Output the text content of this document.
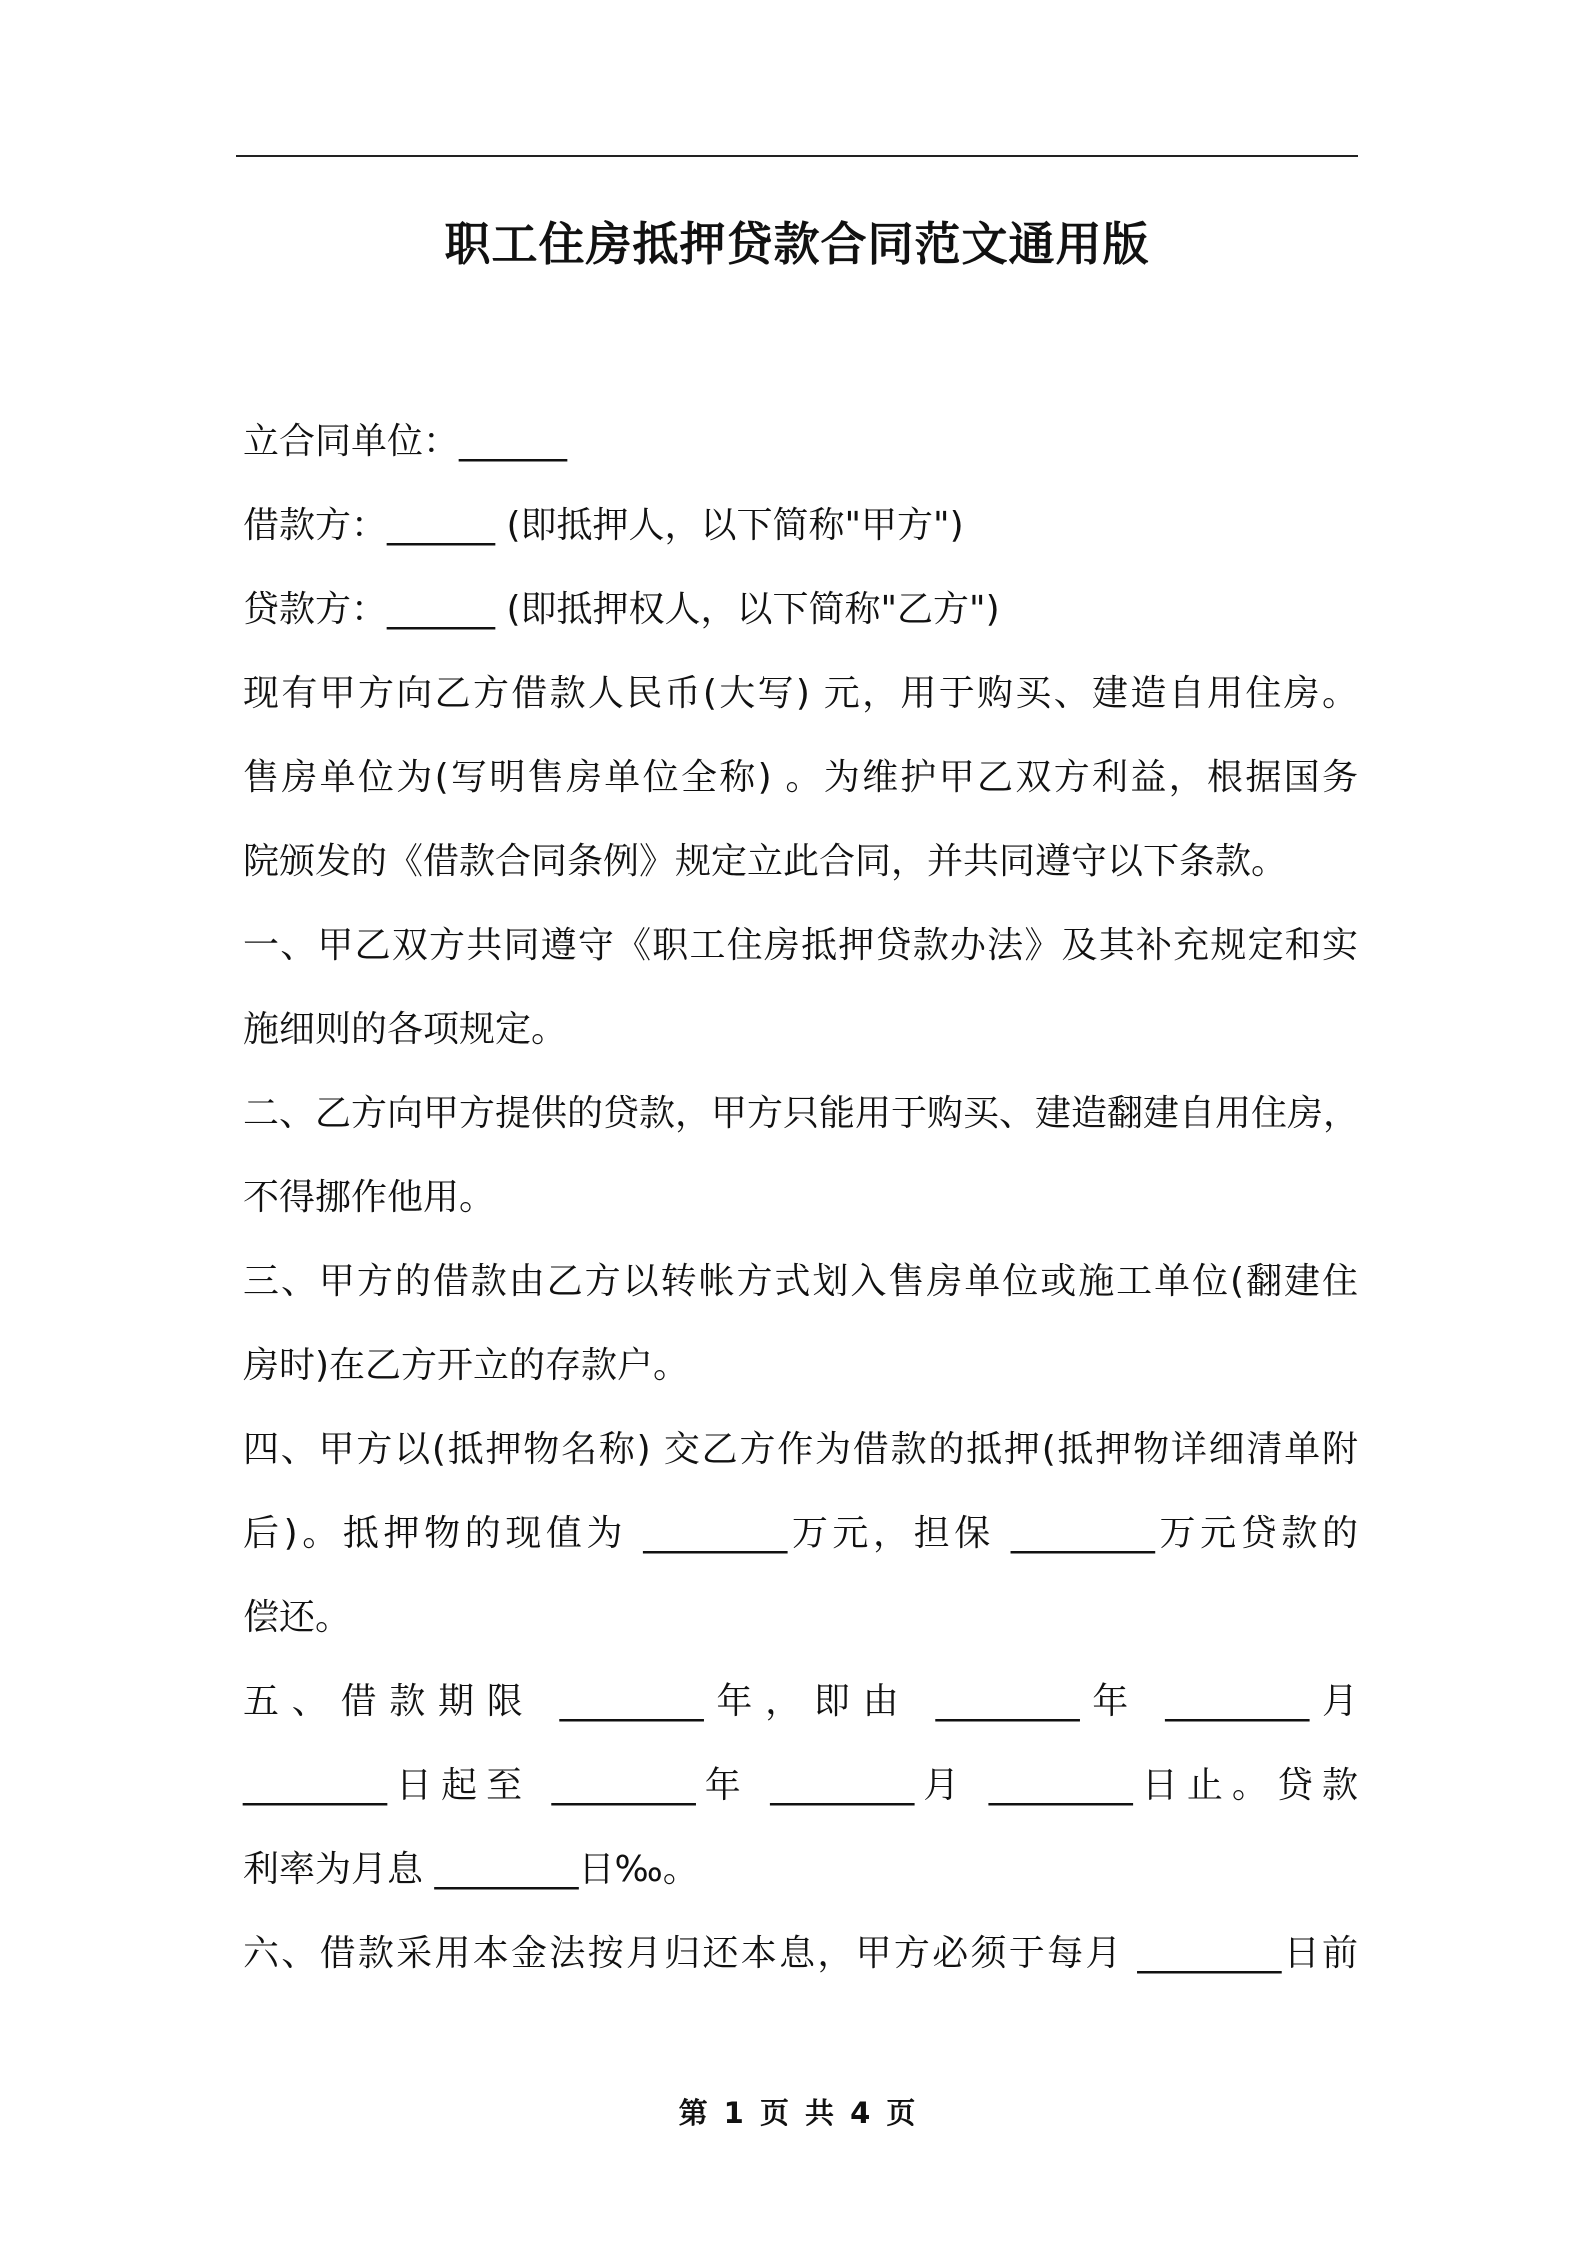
职工住房抵押贷款合同范文通用版
立合同单位：______
借款方：______ (即抵押人，以下简称"甲方")
贷款方：______ (即抵押权人，以下简称"乙方")
现有甲方向乙方借款人民币(大写) 元，用于购买、建造自用住房。
售房单位为(写明售房单位全称) 。为维护甲乙双方利益，根据国务
院颁发的《借款合同条例》规定立此合同，并共同遵守以下条款。
一、甲乙双方共同遵守《职工住房抵押贷款办法》及其补充规定和实
施细则的各项规定。
二、乙方向甲方提供的贷款，甲方只能用于购买、建造翻建自用住房，
不得挪作他用。
三、甲方的借款由乙方以转帐方式划入售房单位或施工单位(翻建住
房时)在乙方开立的存款户。
四、甲方以(抵押物名称) 交乙方作为借款的抵押(抵押物详细清单附
后)。抵押物的现值为 ________万元，担保 ________万元贷款的
偿还。
五、借款期限 ________年，即由 ________年 ________月
________日起至 ________年 ________月 ________日止。贷款
利率为月息 ________日‰。
六、借款采用本金法按月归还本息，甲方必须于每月 ________日前
第 1 页 共 4 页
